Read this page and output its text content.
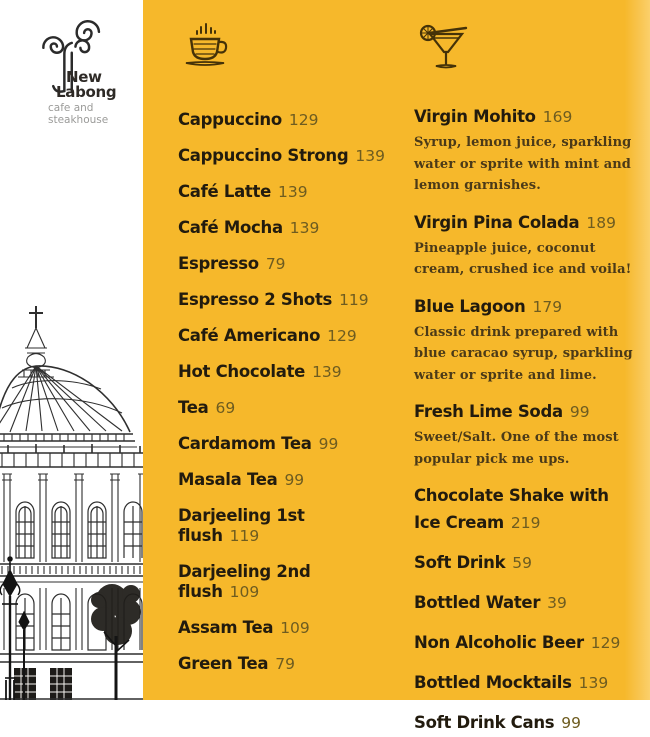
New
Labong
cafe and
steakhouse	Cappuccino 129

Cappuccino Strong 139

Café Latte 139

Café Mocha 139

Espresso 79

Espresso 2 Shots 119

Café Americano 129

Hot Chocolate 139

Tea 69

Cardamom Tea 99

Masala Tea 99

Darjeeling 1st flush 119

Darjeeling 2nd flush 109

Assam Tea 109

Green Tea 79

Virgin Mohito 169

Syrup, lemon juice, sparkling water or sprite with mint and lemon garnishes.

Virgin Pina Colada 189

Pineapple juice, coconut cream, crushed ice and voila!

Blue Lagoon 179

Classic drink prepared with blue caracao syrup, sparkling water or sprite and lime.

Fresh Lime Soda 99

Sweet/Salt. One of the most popular pick me ups.

Chocolate Shake with Ice Cream 219

Soft Drink 59

Bottled Water 39

Non Alcoholic Beer 129

Bottled Mocktails 139

Soft Drink Cans 99
